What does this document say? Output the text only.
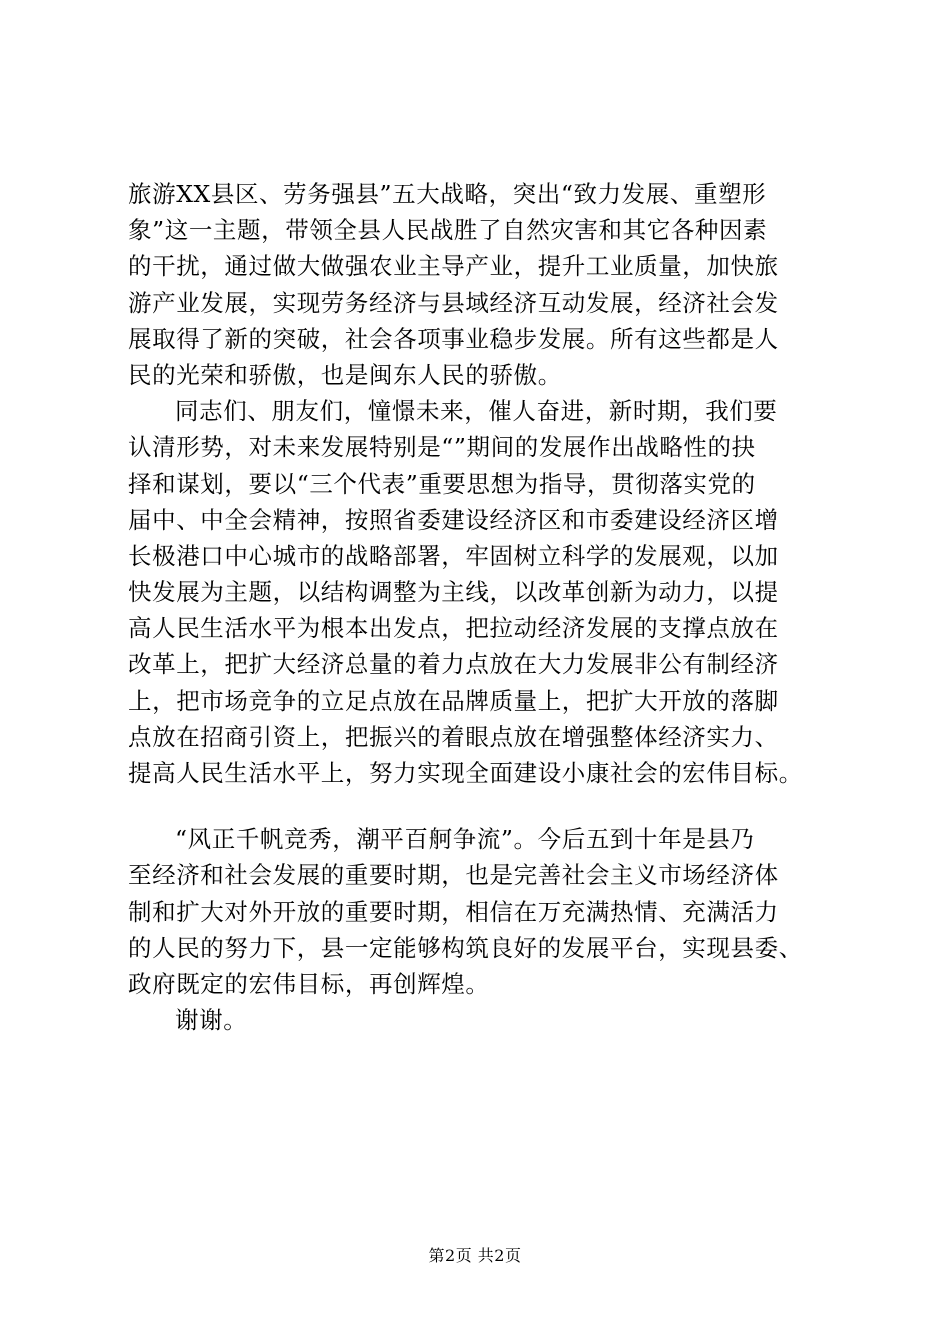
旅游XX县区、劳务强县”五大战略，突出“致力发展、重塑形
象”这一主题，带领全县人民战胜了自然灾害和其它各种因素
的干扰，通过做大做强农业主导产业，提升工业质量，加快旅
游产业发展，实现劳务经济与县域经济互动发展，经济社会发
展取得了新的突破，社会各项事业稳步发展。所有这些都是人
民的光荣和骄傲，也是闽东人民的骄傲。
同志们、朋友们，憧憬未来，催人奋进，新时期，我们要
认清形势，对未来发展特别是“”期间的发展作出战略性的抉
择和谋划，要以“三个代表”重要思想为指导，贯彻落实党的
届中、中全会精神，按照省委建设经济区和市委建设经济区增
长极港口中心城市的战略部署，牢固树立科学的发展观，以加
快发展为主题，以结构调整为主线，以改革创新为动力，以提
高人民生活水平为根本出发点，把拉动经济发展的支撑点放在
改革上，把扩大经济总量的着力点放在大力发展非公有制经济
上，把市场竞争的立足点放在品牌质量上，把扩大开放的落脚
点放在招商引资上，把振兴的着眼点放在增强整体经济实力、
提高人民生活水平上，努力实现全面建设小康社会的宏伟目标。
“风正千帆竞秀，潮平百舸争流”。今后五到十年是县乃
至经济和社会发展的重要时期，也是完善社会主义市场经济体
制和扩大对外开放的重要时期，相信在万充满热情、充满活力
的人民的努力下，县一定能够构筑良好的发展平台，实现县委、
政府既定的宏伟目标，再创辉煌。
谢谢。
第2页 共2页
